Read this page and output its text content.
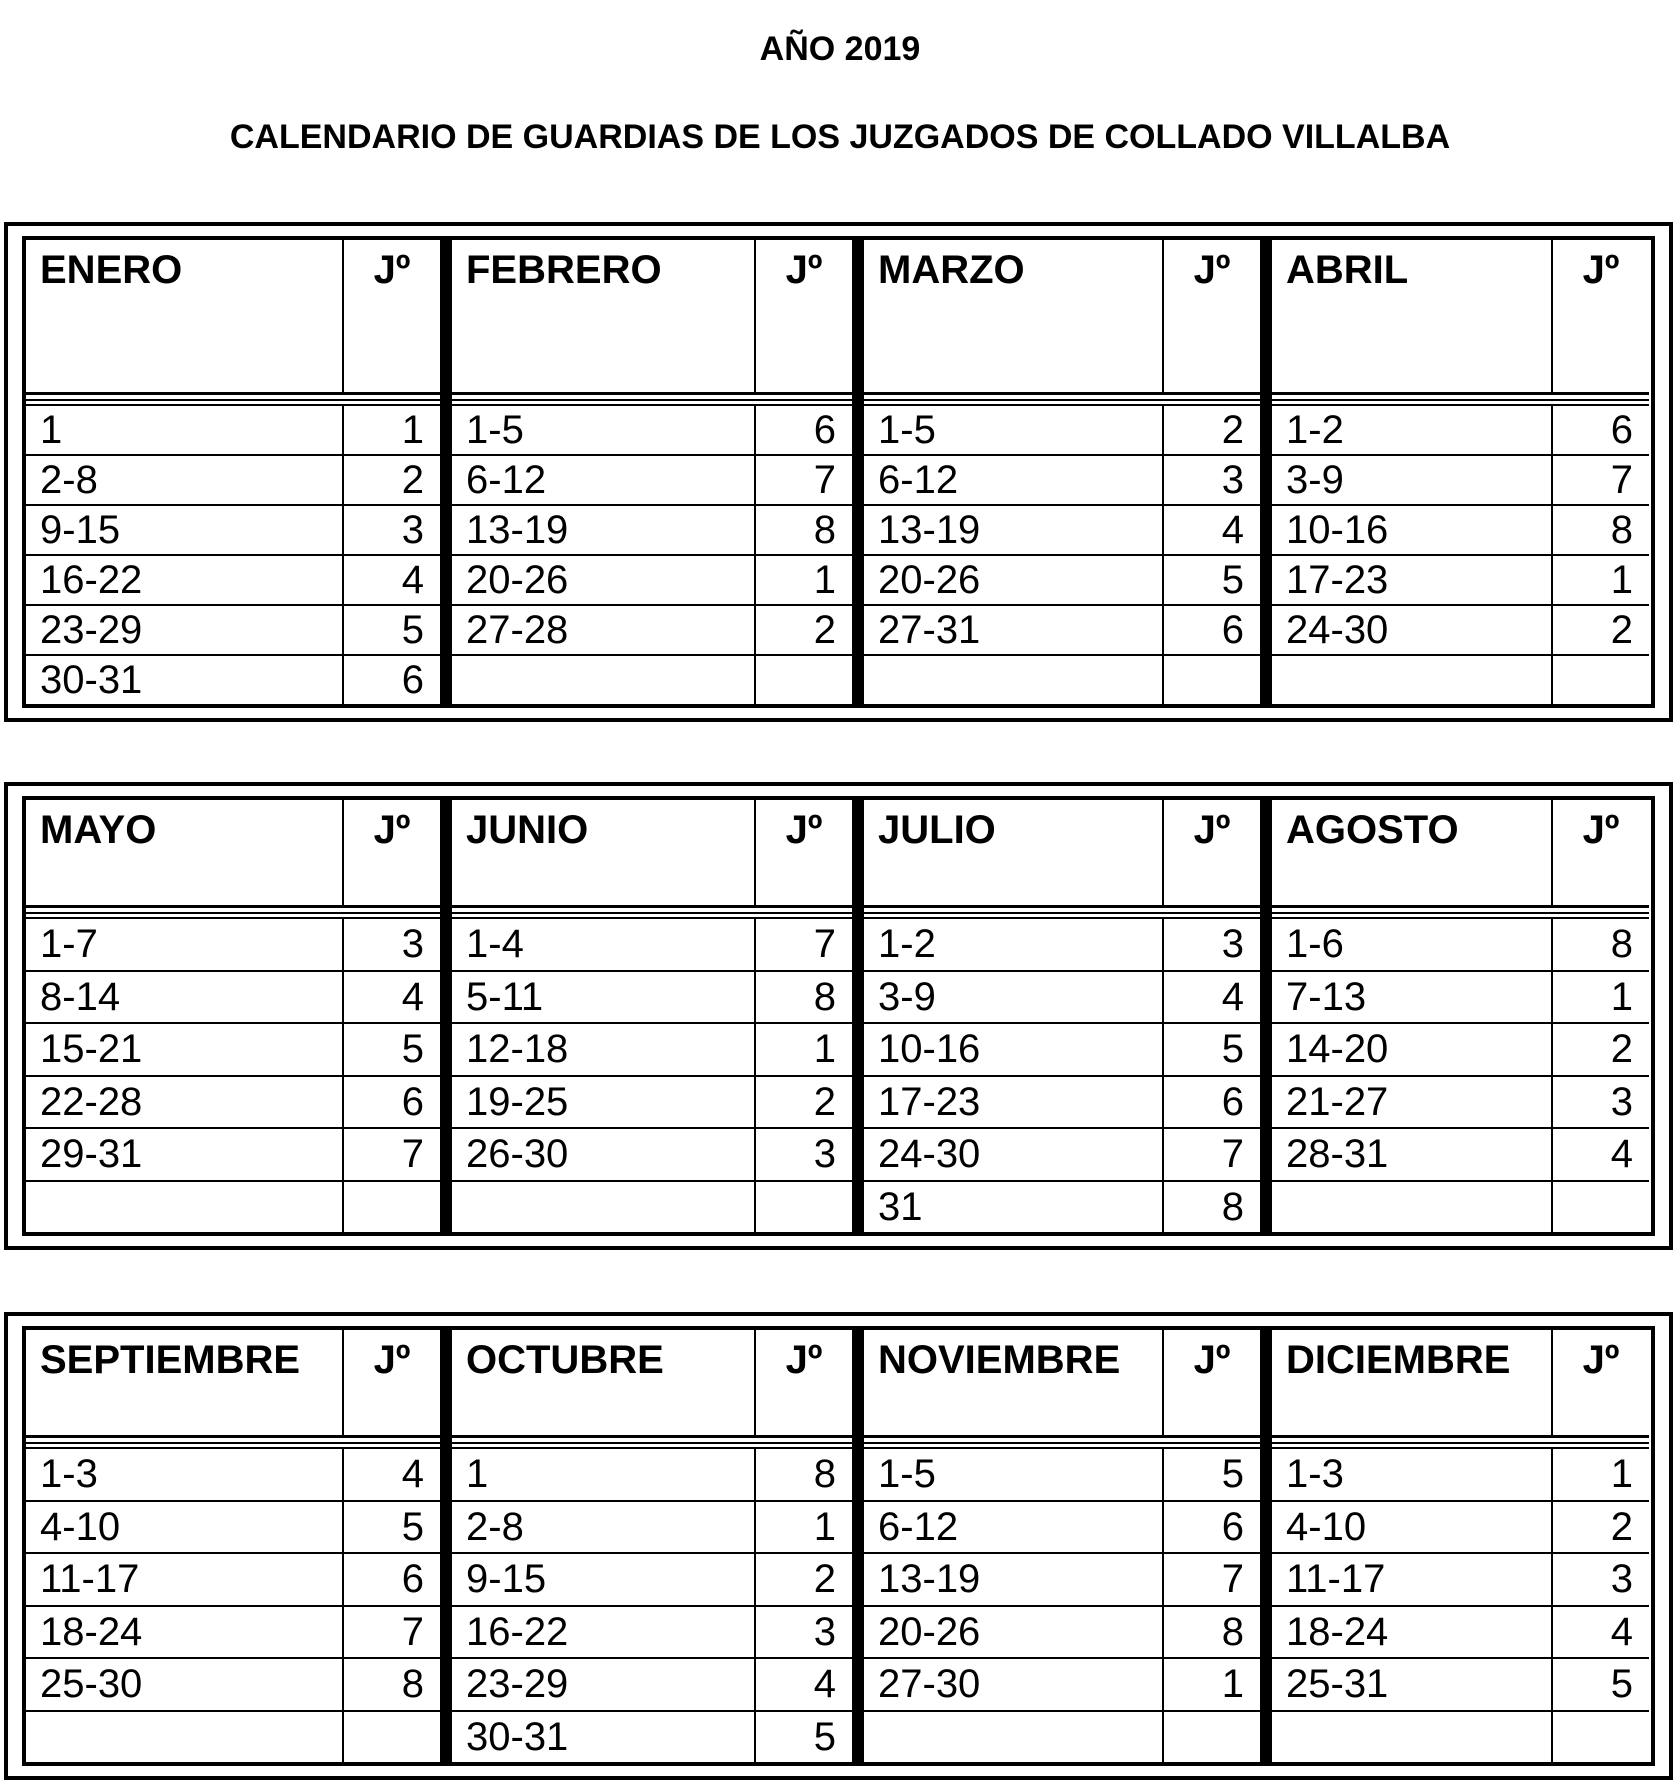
AÑO 2019
CALENDARIO DE GUARDIAS DE LOS JUZGADOS DE COLLADO VILLALBA
ENERO	Jº
1	1
2-8	2
9-15	3
16-22	4
23-29	5
30-31	6
FEBRERO	Jº
1-5	6
6-12	7
13-19	8
20-26	1
27-28	2
MARZO	Jº
1-5	2
6-12	3
13-19	4
20-26	5
27-31	6
ABRIL	Jº
1-2	6
3-9	7
10-16	8
17-23	1
24-30	2
MAYO	Jº
1-7	3
8-14	4
15-21	5
22-28	6
29-31	7
JUNIO	Jº
1-4	7
5-11	8
12-18	1
19-25	2
26-30	3
JULIO	Jº
1-2	3
3-9	4
10-16	5
17-23	6
24-30	7
31	8
AGOSTO	Jº
1-6	8
7-13	1
14-20	2
21-27	3
28-31	4
SEPTIEMBRE	Jº
1-3	4
4-10	5
11-17	6
18-24	7
25-30	8
OCTUBRE	Jº
1	8
2-8	1
9-15	2
16-22	3
23-29	4
30-31	5
NOVIEMBRE	Jº
1-5	5
6-12	6
13-19	7
20-26	8
27-30	1
DICIEMBRE	Jº
1-3	1
4-10	2
11-17	3
18-24	4
25-31	5
